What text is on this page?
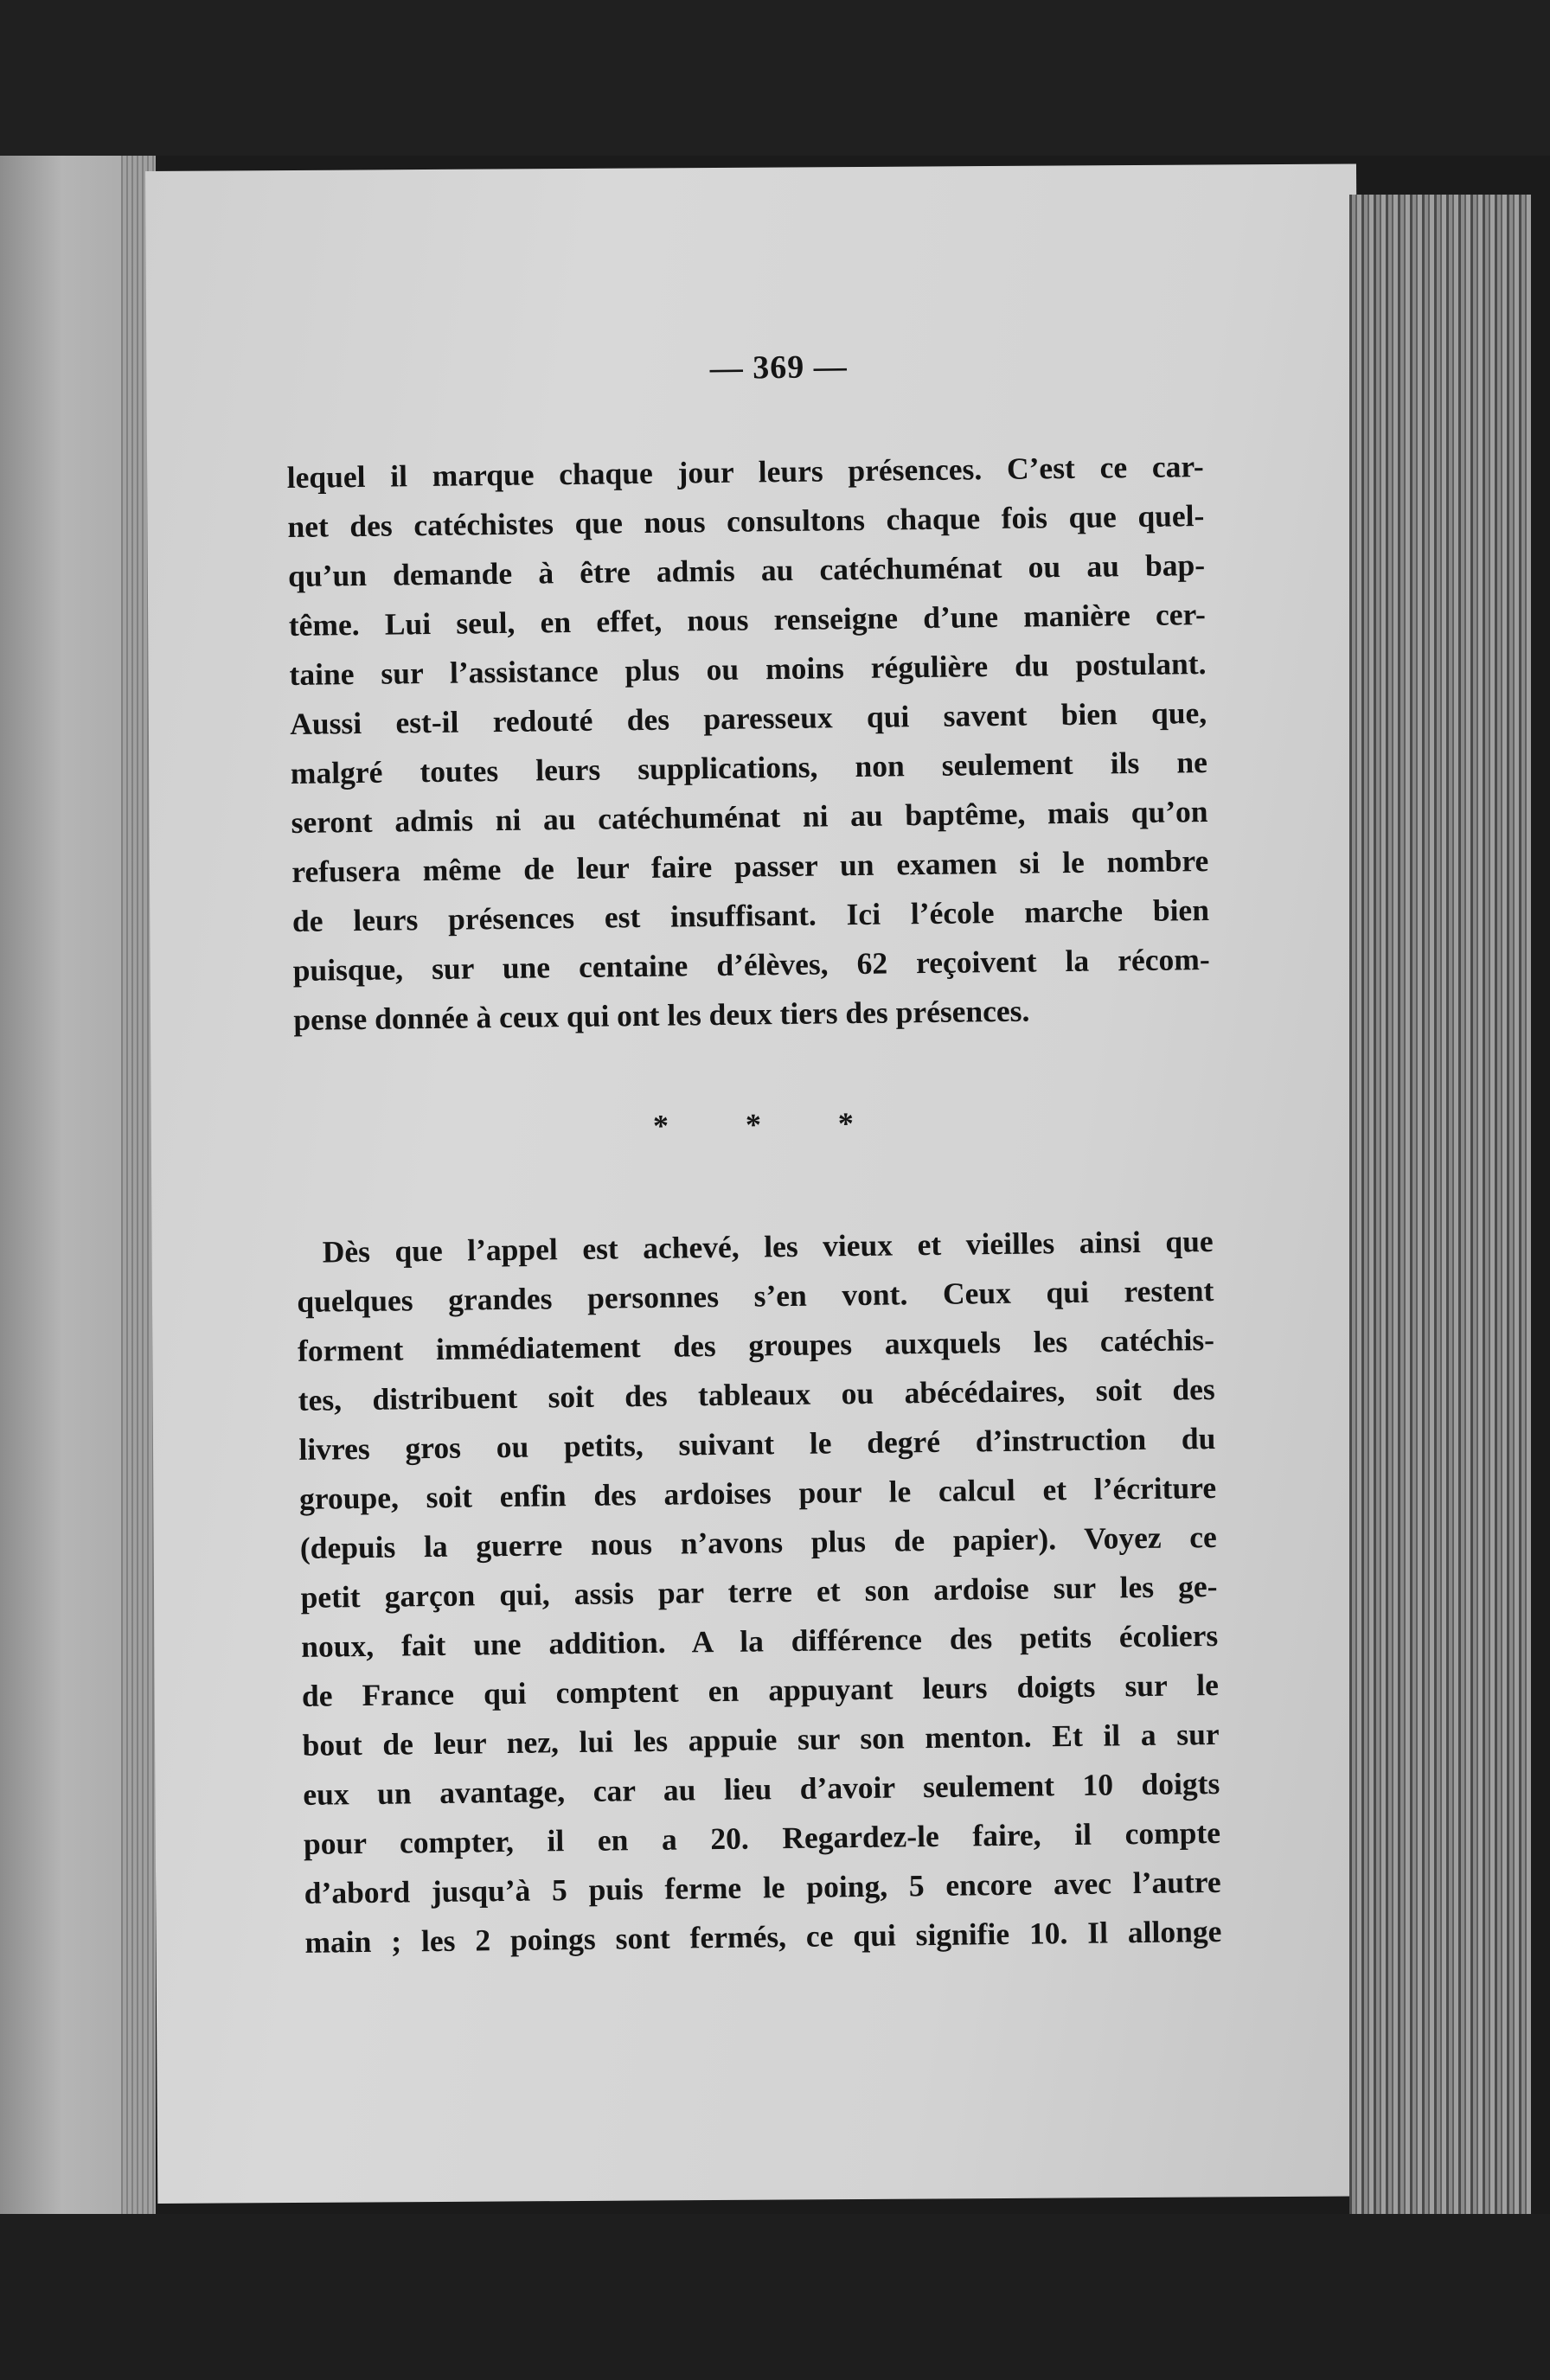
— 369 —
lequel il marque chaque jour leurs présences. C’est ce car-
net des catéchistes que nous consultons chaque fois que quel-
qu’un demande à être admis au catéchuménat ou au bap-
tême. Lui seul, en effet, nous renseigne d’une manière cer-
taine sur l’assistance plus ou moins régulière du postulant.
Aussi est-il redouté des paresseux qui savent bien que,
malgré toutes leurs supplications, non seulement ils ne
seront admis ni au catéchuménat ni au baptême, mais qu’on
refusera même de leur faire passer un examen si le nombre
de leurs présences est insuffisant. Ici l’école marche bien
puisque, sur une centaine d’élèves, 62 reçoivent la récom-
pense donnée à ceux qui ont les deux tiers des présences.
* * *
Dès que l’appel est achevé, les vieux et vieilles ainsi que
quelques grandes personnes s’en vont. Ceux qui restent
forment immédiatement des groupes auxquels les catéchis-
tes, distribuent soit des tableaux ou abécédaires, soit des
livres gros ou petits, suivant le degré d’instruction du
groupe, soit enfin des ardoises pour le calcul et l’écriture
(depuis la guerre nous n’avons plus de papier). Voyez ce
petit garçon qui, assis par terre et son ardoise sur les ge-
noux, fait une addition. A la différence des petits écoliers
de France qui comptent en appuyant leurs doigts sur le
bout de leur nez, lui les appuie sur son menton. Et il a sur
eux un avantage, car au lieu d’avoir seulement 10 doigts
pour compter, il en a 20. Regardez-le faire, il compte
d’abord jusqu’à 5 puis ferme le poing, 5 encore avec l’autre
main ; les 2 poings sont fermés, ce qui signifie 10. Il allonge
